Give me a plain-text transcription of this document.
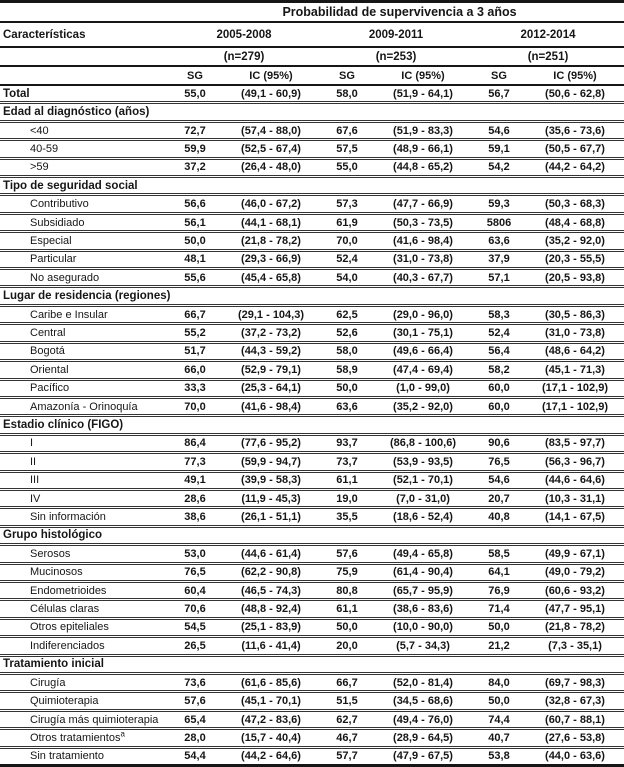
Probabilidad de supervivencia a 3 años
Características	2005-2008	2009-2011	2012-2014
(n=279)	(n=253)	(n=251)
SG	IC (95%)	SG	IC (95%)	SG	IC (95%)
Total	55,0	(49,1 - 60,9)	58,0	(51,9 - 64,1)	56,7	(50,6 - 62,8)
Edad al diagnóstico (años)
<40	72,7	(57,4 - 88,0)	67,6	(51,9 - 83,3)	54,6	(35,6 - 73,6)
40-59	59,9	(52,5 - 67,4)	57,5	(48,9 - 66,1)	59,1	(50,5 - 67,7)
>59	37,2	(26,4 - 48,0)	55,0	(44,8 - 65,2)	54,2	(44,2 - 64,2)
Tipo de seguridad social
Contributivo	56,6	(46,0 - 67,2)	57,3	(47,7 - 66,9)	59,3	(50,3 - 68,3)
Subsidiado	56,1	(44,1 - 68,1)	61,9	(50,3 - 73,5)	5806	(48,4 - 68,8)
Especial	50,0	(21,8 - 78,2)	70,0	(41,6 - 98,4)	63,6	(35,2 - 92,0)
Particular	48,1	(29,3 - 66,9)	52,4	(31,0 - 73,8)	37,9	(20,3 - 55,5)
No asegurado	55,6	(45,4 - 65,8)	54,0	(40,3 - 67,7)	57,1	(20,5 - 93,8)
Lugar de residencia (regiones)
Caribe e Insular	66,7	(29,1 - 104,3)	62,5	(29,0 - 96,0)	58,3	(30,5 - 86,3)
Central	55,2	(37,2 - 73,2)	52,6	(30,1 - 75,1)	52,4	(31,0 - 73,8)
Bogotá	51,7	(44,3 - 59,2)	58,0	(49,6 - 66,4)	56,4	(48,6 - 64,2)
Oriental	66,0	(52,9 - 79,1)	58,9	(47,4 - 69,4)	58,2	(45,1 - 71,3)
Pacífico	33,3	(25,3 - 64,1)	50,0	(1,0 - 99,0)	60,0	(17,1 - 102,9)
Amazonía - Orinoquía	70,0	(41,6 - 98,4)	63,6	(35,2 - 92,0)	60,0	(17,1 - 102,9)
Estadio clínico (FIGO)
I	86,4	(77,6 - 95,2)	93,7	(86,8 - 100,6)	90,6	(83,5 - 97,7)
II	77,3	(59,9 - 94,7)	73,7	(53,9 - 93,5)	76,5	(56,3 - 96,7)
III	49,1	(39,9 - 58,3)	61,1	(52,1 - 70,1)	54,6	(44,6 - 64,6)
IV	28,6	(11,9 - 45,3)	19,0	(7,0 - 31,0)	20,7	(10,3 - 31,1)
Sin información	38,6	(26,1 - 51,1)	35,5	(18,6 - 52,4)	40,8	(14,1 - 67,5)
Grupo histológico
Serosos	53,0	(44,6 - 61,4)	57,6	(49,4 - 65,8)	58,5	(49,9 - 67,1)
Mucinosos	76,5	(62,2 - 90,8)	75,9	(61,4 - 90,4)	64,1	(49,0 - 79,2)
Endometrioides	60,4	(46,5 - 74,3)	80,8	(65,7 - 95,9)	76,9	(60,6 - 93,2)
Células claras	70,6	(48,8 - 92,4)	61,1	(38,6 - 83,6)	71,4	(47,7 - 95,1)
Otros epiteliales	54,5	(25,1 - 83,9)	50,0	(10,0 - 90,0)	50,0	(21,8 - 78,2)
Indiferenciados	26,5	(11,6 - 41,4)	20,0	(5,7 - 34,3)	21,2	(7,3 - 35,1)
Tratamiento inicial
Cirugía	73,6	(61,6 - 85,6)	66,7	(52,0 - 81,4)	84,0	(69,7 - 98,3)
Quimioterapia	57,6	(45,1 - 70,1)	51,5	(34,5 - 68,6)	50,0	(32,8 - 67,3)
Cirugía más quimioterapia	65,4	(47,2 - 83,6)	62,7	(49,4 - 76,0)	74,4	(60,7 - 88,1)
Otros tratamientos$^a$	28,0	(15,7 - 40,4)	46,7	(28,9 - 64,5)	40,7	(27,6 - 53,8)
Sin tratamiento	54,4	(44,2 - 64,6)	57,7	(47,9 - 67,5)	53,8	(44,0 - 63,6)
